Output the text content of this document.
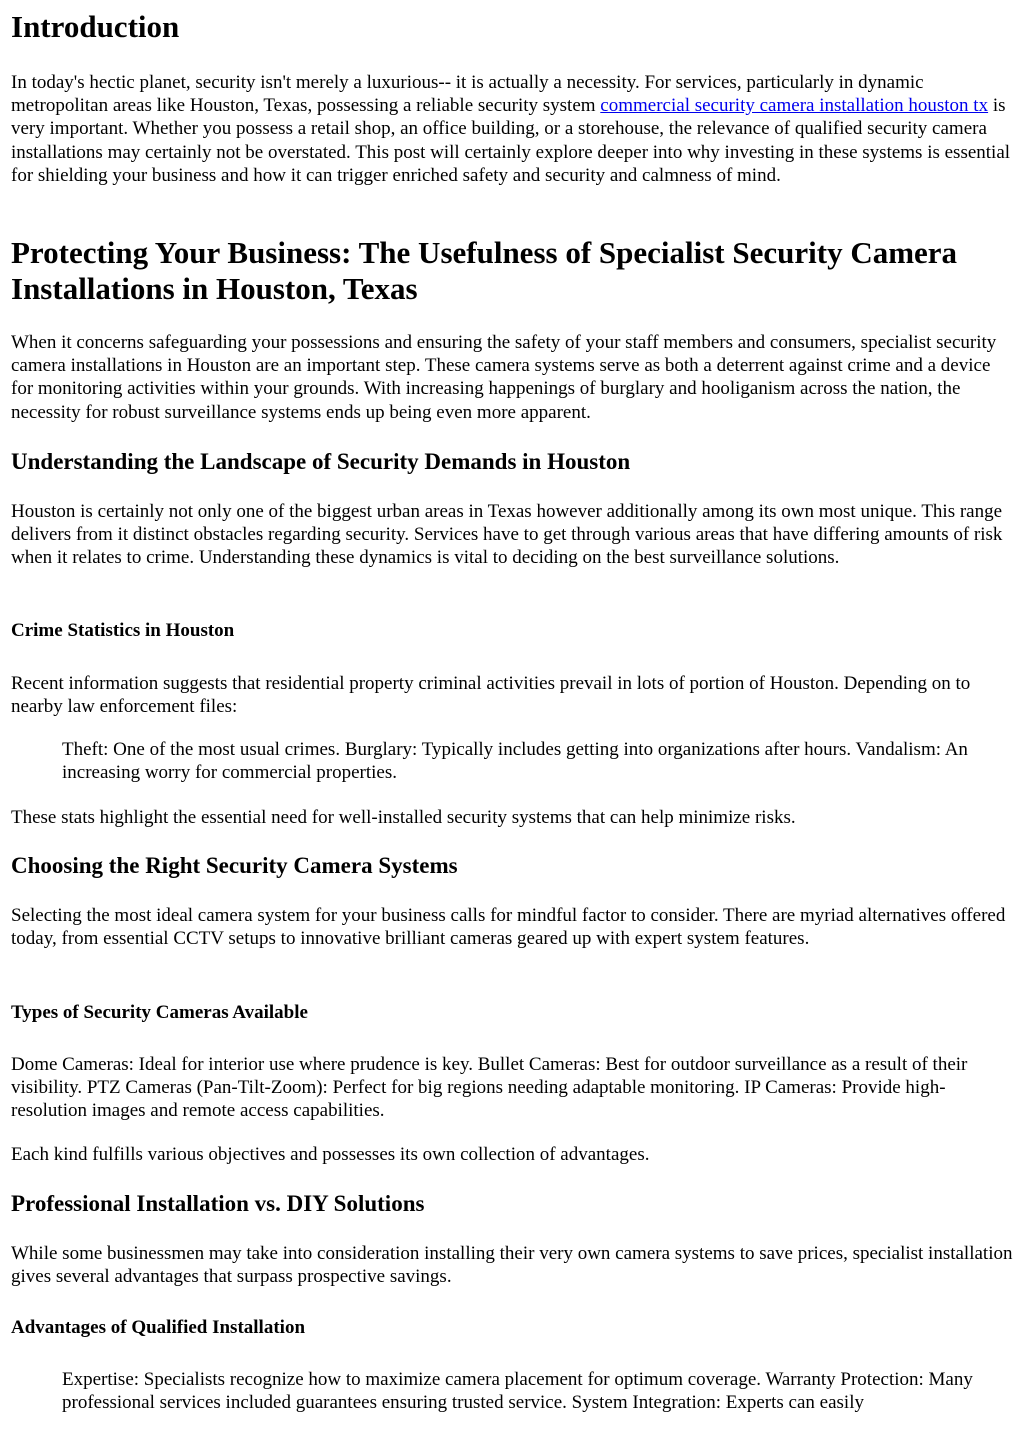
Introduction

In today's hectic planet, security isn't merely a luxurious-- it is actually a necessity. For services, particularly in dynamic metropolitan areas like Houston, Texas, possessing a reliable security system commercial security camera installation houston tx is very important. Whether you possess a retail shop, an office building, or a storehouse, the relevance of qualified security camera installations may certainly not be overstated. This post will certainly explore deeper into why investing in these systems is essential for shielding your business and how it can trigger enriched safety and security and calmness of mind.

Protecting Your Business: The Usefulness of Specialist Security Camera Installations in Houston, Texas

When it concerns safeguarding your possessions and ensuring the safety of your staff members and consumers, specialist security camera installations in Houston are an important step. These camera systems serve as both a deterrent against crime and a device for monitoring activities within your grounds. With increasing happenings of burglary and hooliganism across the nation, the necessity for robust surveillance systems ends up being even more apparent.

Understanding the Landscape of Security Demands in Houston

Houston is certainly not only one of the biggest urban areas in Texas however additionally among its own most unique. This range delivers from it distinct obstacles regarding security. Services have to get through various areas that have differing amounts of risk when it relates to crime. Understanding these dynamics is vital to deciding on the best surveillance solutions.

Crime Statistics in Houston

Recent information suggests that residential property criminal activities prevail in lots of portion of Houston. Depending on to nearby law enforcement files:

Theft: One of the most usual crimes. Burglary: Typically includes getting into organizations after hours. Vandalism: An increasing worry for commercial properties.

These stats highlight the essential need for well-installed security systems that can help minimize risks.

Choosing the Right Security Camera Systems

Selecting the most ideal camera system for your business calls for mindful factor to consider. There are myriad alternatives offered today, from essential CCTV setups to innovative brilliant cameras geared up with expert system features.

Types of Security Cameras Available

Dome Cameras: Ideal for interior use where prudence is key. Bullet Cameras: Best for outdoor surveillance as a result of their visibility. PTZ Cameras (Pan-Tilt-Zoom): Perfect for big regions needing adaptable monitoring. IP Cameras: Provide high-resolution images and remote access capabilities.

Each kind fulfills various objectives and possesses its own collection of advantages.

Professional Installation vs. DIY Solutions

While some businessmen may take into consideration installing their very own camera systems to save prices, specialist installation gives several advantages that surpass prospective savings.

Advantages of Qualified Installation

Expertise: Specialists recognize how to maximize camera placement for optimum coverage. Warranty Protection: Many professional services included guarantees ensuring trusted service. System Integration: Experts can easily
